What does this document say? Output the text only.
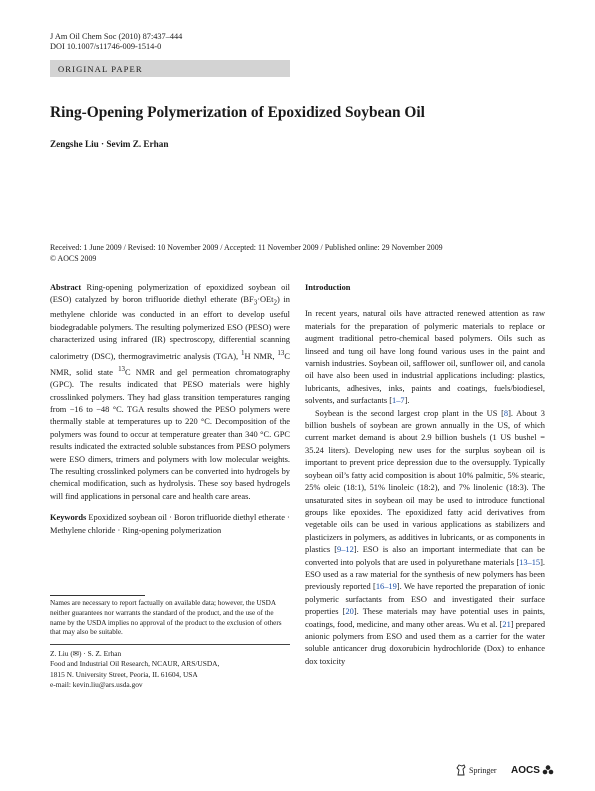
J Am Oil Chem Soc (2010) 87:437–444
DOI 10.1007/s11746-009-1514-0
ORIGINAL PAPER
Ring-Opening Polymerization of Epoxidized Soybean Oil
Zengshe Liu · Sevim Z. Erhan
Received: 1 June 2009 / Revised: 10 November 2009 / Accepted: 11 November 2009 / Published online: 29 November 2009
© AOCS 2009

Abstract Ring-opening polymerization of epoxidized soybean oil (ESO) catalyzed by boron trifluoride diethyl etherate $(BF_3\cdot OEt_2)$ in methylene chloride was conducted in an effort to develop useful biodegradable polymers. The resulting polymerized ESO (PESO) were characterized using infrared (IR) spectroscopy, differential scanning calorimetry (DSC), thermogravimetric analysis (TGA), $^1$H NMR, $^{13}$C NMR, solid state $^{13}$C NMR and gel permeation chromatography (GPC). The results indicated that PESO materials were highly crosslinked polymers. They had glass transition temperatures ranging from −16 to −48 °C. TGA results showed the PESO polymers were thermally stable at temperatures up to 220 °C. Decomposition of the polymers was found to occur at temperature greater than 340 °C. GPC results indicated the extracted soluble substances from PESO polymers were ESO dimers, trimers and polymers with low molecular weights. The resulting crosslinked polymers can be converted into hydrogels by chemical modification, such as hydrolysis. These soy based hydrogels will find applications in personal care and health care areas.

Keywords Epoxidized soybean oil · Boron trifluoride diethyl etherate · Methylene chloride · Ring-opening polymerization

Names are necessary to report factually on available data; however, the USDA neither guarantees nor warrants the standard of the product, and the use of the name by the USDA implies no approval of the product to the exclusion of others that may also be suitable.
Z. Liu (✉) · S. Z. Erhan
Food and Industrial Oil Research, NCAUR, ARS/USDA,
1815 N. University Street, Peoria, IL 61604, USA
e-mail: kevin.liu@ars.usda.gov

Introduction

In recent years, natural oils have attracted renewed attention as raw materials for the preparation of polymeric materials to replace or augment traditional petro-chemical based polymers. Oils such as linseed and tung oil have long found various uses in the paint and varnish industries. Soybean oil, safflower oil, sunflower oil, and canola oil have also been used in industrial applications including: plastics, lubricants, adhesives, inks, paints and coatings, fuels/biodiesel, solvents, and surfactants [1–7].

Soybean is the second largest crop plant in the US [8]. About 3 billion bushels of soybean are grown annually in the US, of which current market demand is about 2.9 billion bushels (1 US bushel = 35.24 liters). Developing new uses for the surplus soybean oil is important to prevent price depression due to the oversupply. Typically soybean oil’s fatty acid composition is about 10% palmitic, 5% stearic, 25% oleic (18:1), 51% linoleic (18:2), and 7% linolenic (18:3). The unsaturated sites in soybean oil may be used to introduce functional groups like epoxides. The epoxidized fatty acid derivatives from vegetable oils can be used in various applications as stabilizers and plasticizers in polymers, as additives in lubricants, or as components in plastics [9–12]. ESO is also an important intermediate that can be converted into polyols that are used in polyurethane materials [13–15]. ESO used as a raw material for the synthesis of new polymers has been previously reported [16–19]. We have reported the preparation of ionic polymeric surfactants from ESO and investigated their surface properties [20]. These materials may have potential uses in paints, coatings, food, medicine, and many other areas. Wu et al. [21] prepared anionic polymers from ESO and used them as a carrier for the water soluble anticancer drug doxorubicin hydrochloride (Dox) to enhance dox toxicity

Springer AOCS
